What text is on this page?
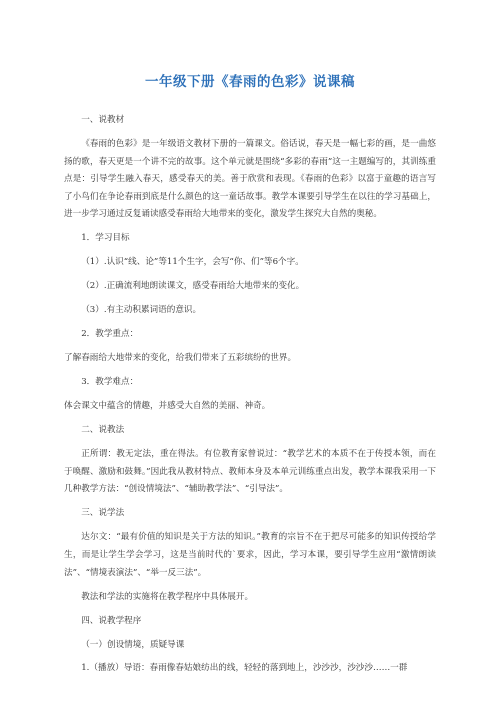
一年级下册《春雨的色彩》说课稿

一、说教材

《春雨的色彩》是一年级语文教材下册的一篇课文。俗话说，春天是一幅七彩的画，是一曲悠扬的歌，春天更是一个讲不完的故事。这个单元就是围绕“多彩的春雨”这一主题编写的，其训练重点是：引导学生融入春天，感受春天的美。善于欣赏和表现。《春雨的色彩》以富于童趣的语言写了小鸟们在争论春雨到底是什么颜色的这一童话故事。教学本课要引导学生在以往的学习基础上，进一步学习通过反复诵读感受春雨给大地带来的变化，激发学生探究大自然的奥秘。

1．学习目标

（1）.认识“线、论”等11个生字，会写“你、们”等6个字。

（2）.正确流利地朗读课文，感受春雨给大地带来的变化。

（3）.有主动积累词语的意识。

2．教学重点：

了解春雨给大地带来的变化，给我们带来了五彩缤纷的世界。

3．教学难点：

体会课文中蕴含的情趣，并感受大自然的美丽、神奇。

二、说教法

正所谓：教无定法，重在得法。有位教育家曾说过：“教学艺术的本质不在于传授本领，而在于唤醒、激励和鼓舞。”因此我从教材特点、教师本身及本单元训练重点出发，教学本课我采用一下几种教学方法：“创设情境法”、“辅助教学法”、“引导法”。

三、说学法

达尔文：“最有价值的知识是关于方法的知识。”教育的宗旨不在于把尽可能多的知识传授给学生，而是让学生学会学习，这是当前时代的`要求，因此，学习本课，要引导学生应用“激情朗读法”、“情境表演法”、“举一反三法”。

教法和学法的实施将在教学程序中具体展开。

四、说教学程序

（一）创设情境，质疑导课

1.（播放）导语：春雨像春姑娘纺出的线，轻轻的落到地上，沙沙沙，沙沙沙……一群
